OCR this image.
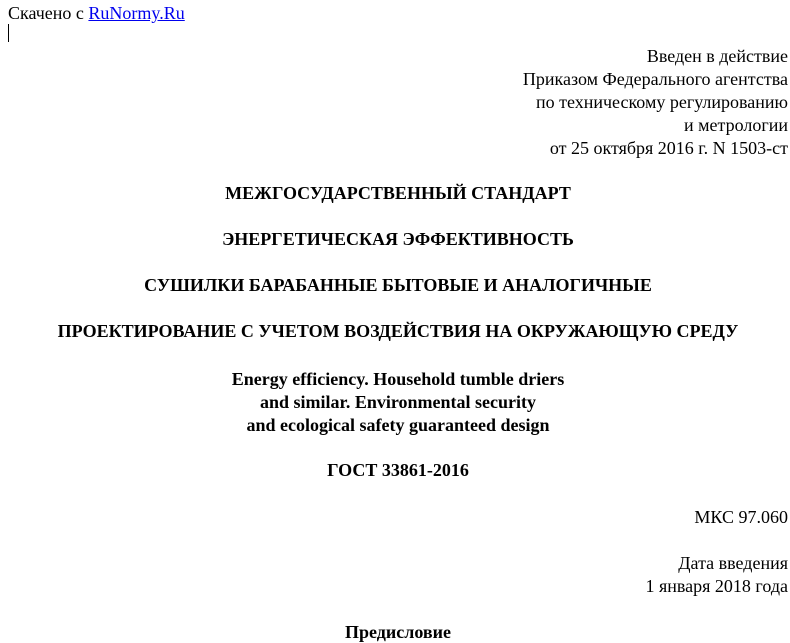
Скачено с RuNormy.Ru
Введен в действие
Приказом Федерального агентства
по техническому регулированию
и метрологии
от 25 октября 2016 г. N 1503-ст
МЕЖГОСУДАРСТВЕННЫЙ СТАНДАРТ
ЭНЕРГЕТИЧЕСКАЯ ЭФФЕКТИВНОСТЬ
СУШИЛКИ БАРАБАННЫЕ БЫТОВЫЕ И АНАЛОГИЧНЫЕ
ПРОЕКТИРОВАНИЕ С УЧЕТОМ ВОЗДЕЙСТВИЯ НА ОКРУЖАЮЩУЮ СРЕДУ
Energy efficiency. Household tumble driers
and similar. Environmental security
and ecological safety guaranteed design
ГОСТ 33861-2016
МКС 97.060
Дата введения
1 января 2018 года
Предисловие
